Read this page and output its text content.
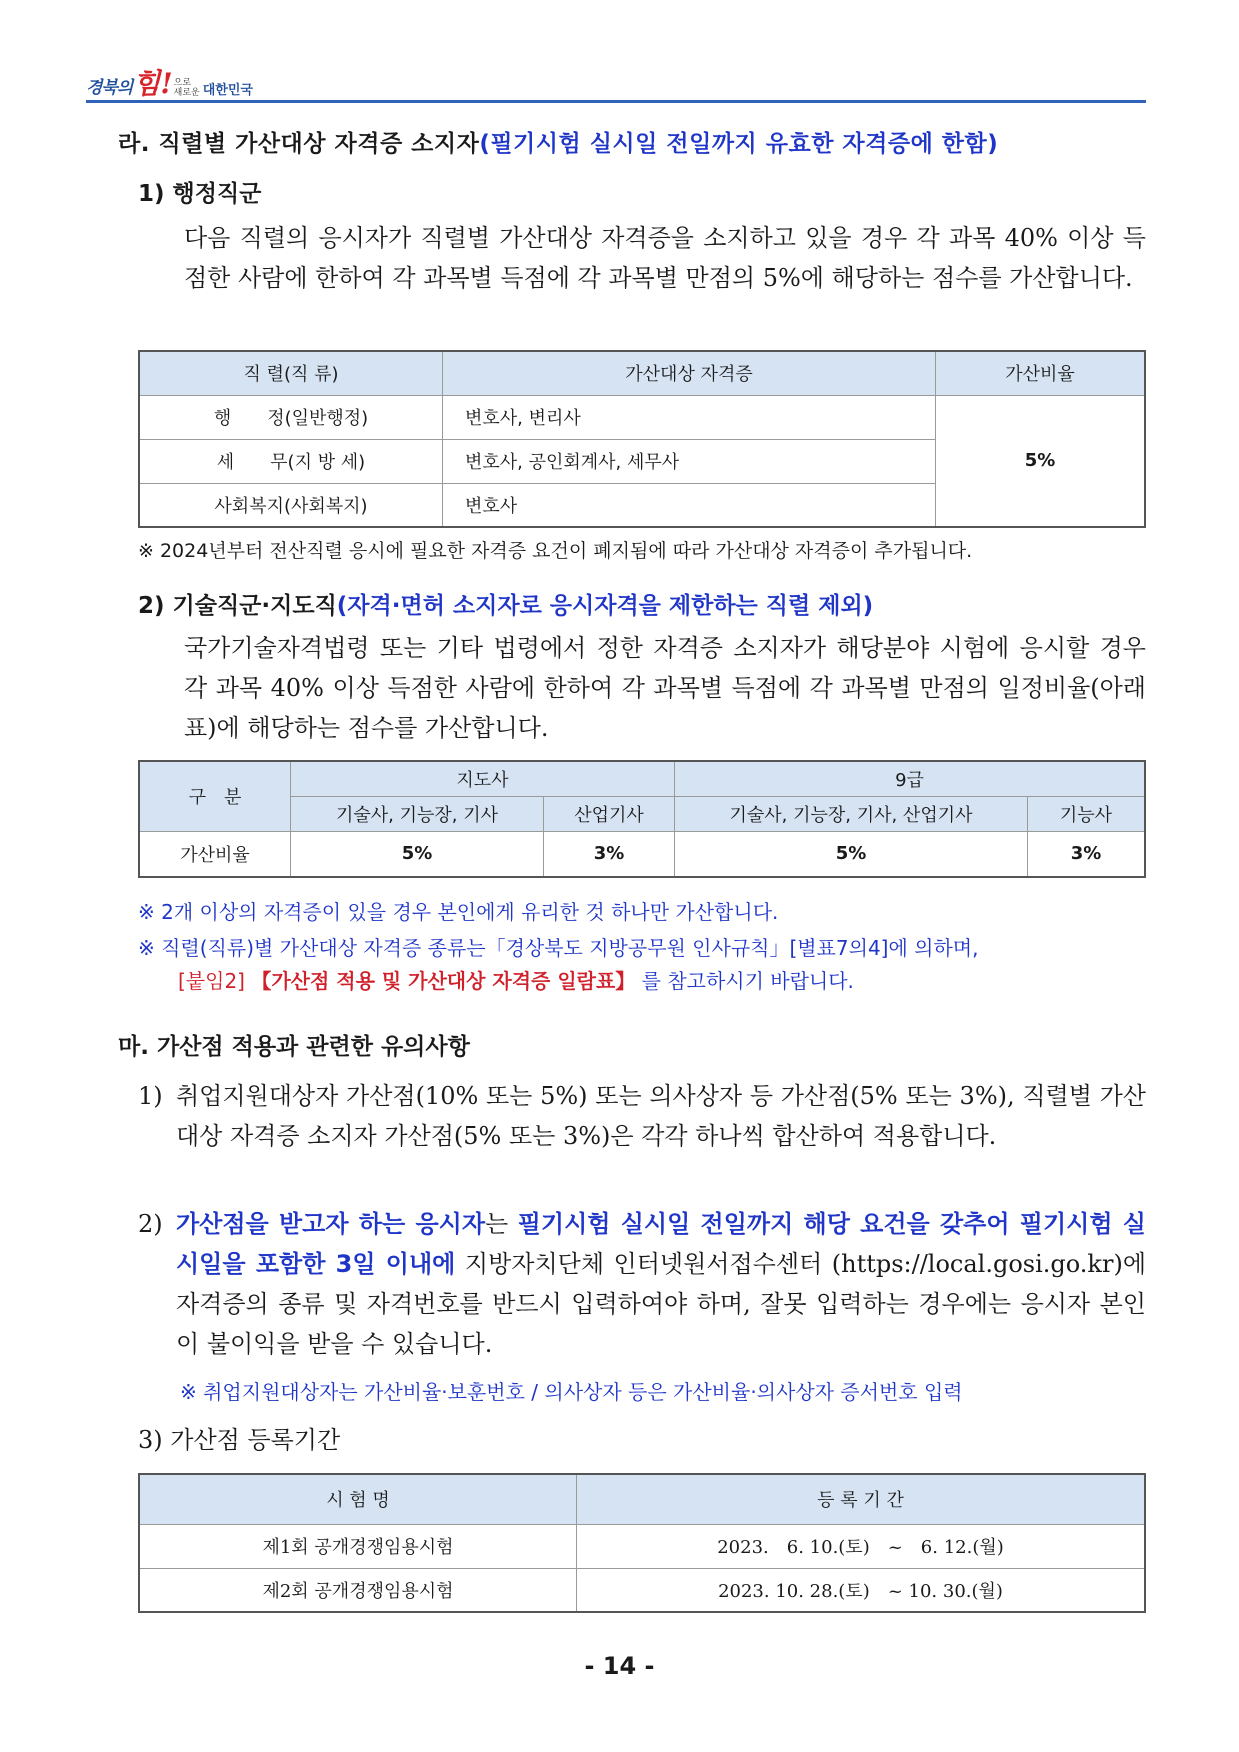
경북의 힘! 으로
새로운 대한민국
라. 직렬별 가산대상 자격증 소지자(필기시험 실시일 전일까지 유효한 자격증에 한함)
1) 행정직군
다음 직렬의 응시자가 직렬별 가산대상 자격증을 소지하고 있을 경우 각 과목 40% 이상 득점한 사람에 한하여 각 과목별 득점에 각 과목별 만점의 5%에 해당하는 점수를 가산합니다.
직 렬(직 류)	가산대상 자격증	가산비율
행　　정(일반행정)	변호사, 변리사	5%
세　　무(지 방 세)	변호사, 공인회계사, 세무사	
사회복지(사회복지)	변호사	
※ 2024년부터 전산직렬 응시에 필요한 자격증 요건이 폐지됨에 따라 가산대상 자격증이 추가됩니다.
2) 기술직군·지도직(자격·면허 소지자로 응시자격을 제한하는 직렬 제외)
국가기술자격법령 또는 기타 법령에서 정한 자격증 소지자가 해당분야 시험에 응시할 경우 각 과목 40% 이상 득점한 사람에 한하여 각 과목별 득점에 각 과목별 만점의 일정비율(아래 표)에 해당하는 점수를 가산합니다.
구　분	지도사		9급	
	기술사, 기능장, 기사	산업기사	기술사, 기능장, 기사, 산업기사	기능사
가산비율	5%	3%	5%	3%
※ 2개 이상의 자격증이 있을 경우 본인에게 유리한 것 하나만 가산합니다.
※ 직렬(직류)별 가산대상 자격증 종류는「경상북도 지방공무원 인사규칙」[별표7의4]에 의하며,
[붙임2] 【가산점 적용 및 가산대상 자격증 일람표】 를 참고하시기 바랍니다.
마. 가산점 적용과 관련한 유의사항
1) 취업지원대상자 가산점(10% 또는 5%) 또는 의사상자 등 가산점(5% 또는 3%), 직렬별 가산대상 자격증 소지자 가산점(5% 또는 3%)은 각각 하나씩 합산하여 적용합니다.
2) 가산점을 받고자 하는 응시자는 필기시험 실시일 전일까지 해당 요건을 갖추어 필기시험 실시일을 포함한 3일 이내에 지방자치단체 인터넷원서접수센터 (https://local.gosi.go.kr)에 자격증의 종류 및 자격번호를 반드시 입력하여야 하며, 잘못 입력하는 경우에는 응시자 본인이 불이익을 받을 수 있습니다.
※ 취업지원대상자는 가산비율·보훈번호 / 의사상자 등은 가산비율·의사상자 증서번호 입력
3) 가산점 등록기간
시 험 명	등 록 기 간
제1회 공개경쟁임용시험	2023.　6. 10.(토)　~　6. 12.(월)
제2회 공개경쟁임용시험	2023. 10. 28.(토)　~ 10. 30.(월)
- 14 -
